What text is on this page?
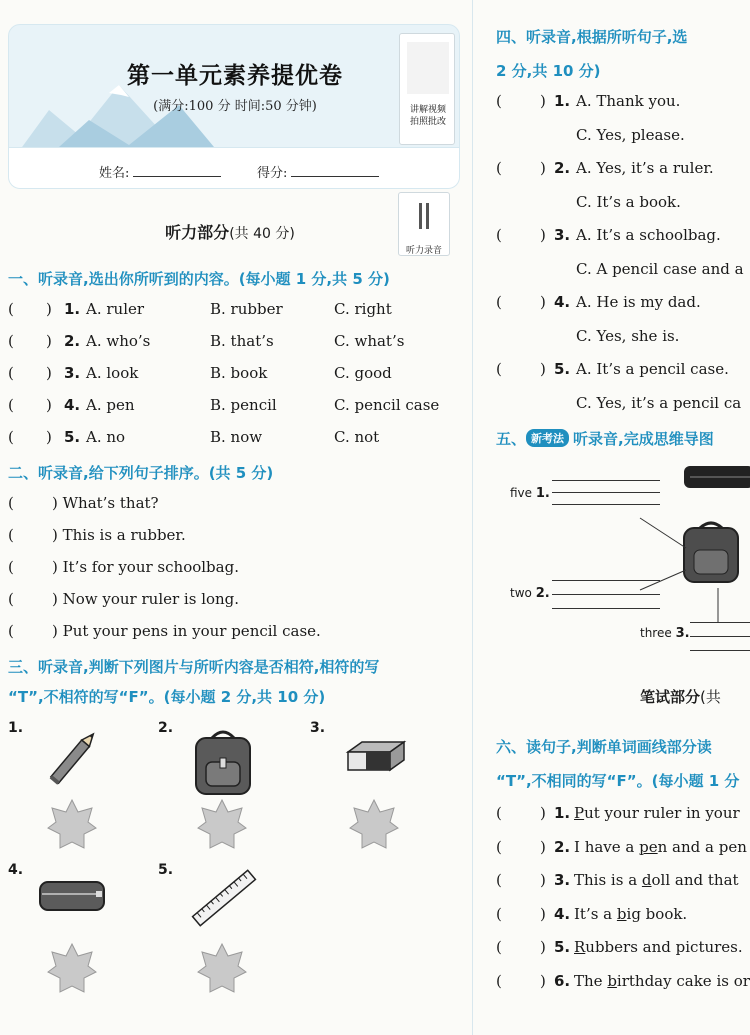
第一单元素养提优卷
(满分:100 分 时间:50 分钟)	讲解视频
拍照批改
姓名:	得分:
听力部分(共 40 分)
听力录音
一、听录音,选出你所听到的内容。(每小题 1 分,共 5 分)
( ) 1. A. ruler	B. rubber	C. right
( ) 2. A. who’s	B. that’s	C. what’s
( ) 3. A. look	B. book	C. good
( ) 4. A. pen	B. pencil	C. pencil case
( ) 5. A. no	B. now	C. not
二、听录音,给下列句子排序。(共 5 分)
(	) What’s that?
(	) This is a rubber.
(	) It’s for your schoolbag.
(	) Now your ruler is long.
(	) Put your pens in your pencil case.
三、听录音,判断下列图片与所听内容是否相符,相符的写
“T”,不相符的写“F”。(每小题 2 分,共 10 分)
1.	2.	3.
4.	5.
四、听录音,根据所听句子,选
2 分,共 10 分)
(	) 1. A. Thank you.
C. Yes, please.
(	) 2. A. Yes, it’s a ruler.
C. It’s a book.
(	) 3. A. It’s a schoolbag.
C. A pencil case and a
(	) 4. A. He is my dad.
C. Yes, she is.
(	) 5. A. It’s a pencil case.
C. Yes, it’s a pencil ca
五、 新考法 听录音,完成思维导图
five 1.
two 2.
three 3.
笔试部分(共
六、读句子,判断单词画线部分读
“T”,不相同的写“F”。(每小题 1 分
(	) 1. Put your ruler in your
(	) 2. I have a pen and a pen
(	) 3. This is a doll and that
(	) 4. It’s a big book.
(	) 5. Rubbers and pictures.
(	) 6. The birthday cake is or
